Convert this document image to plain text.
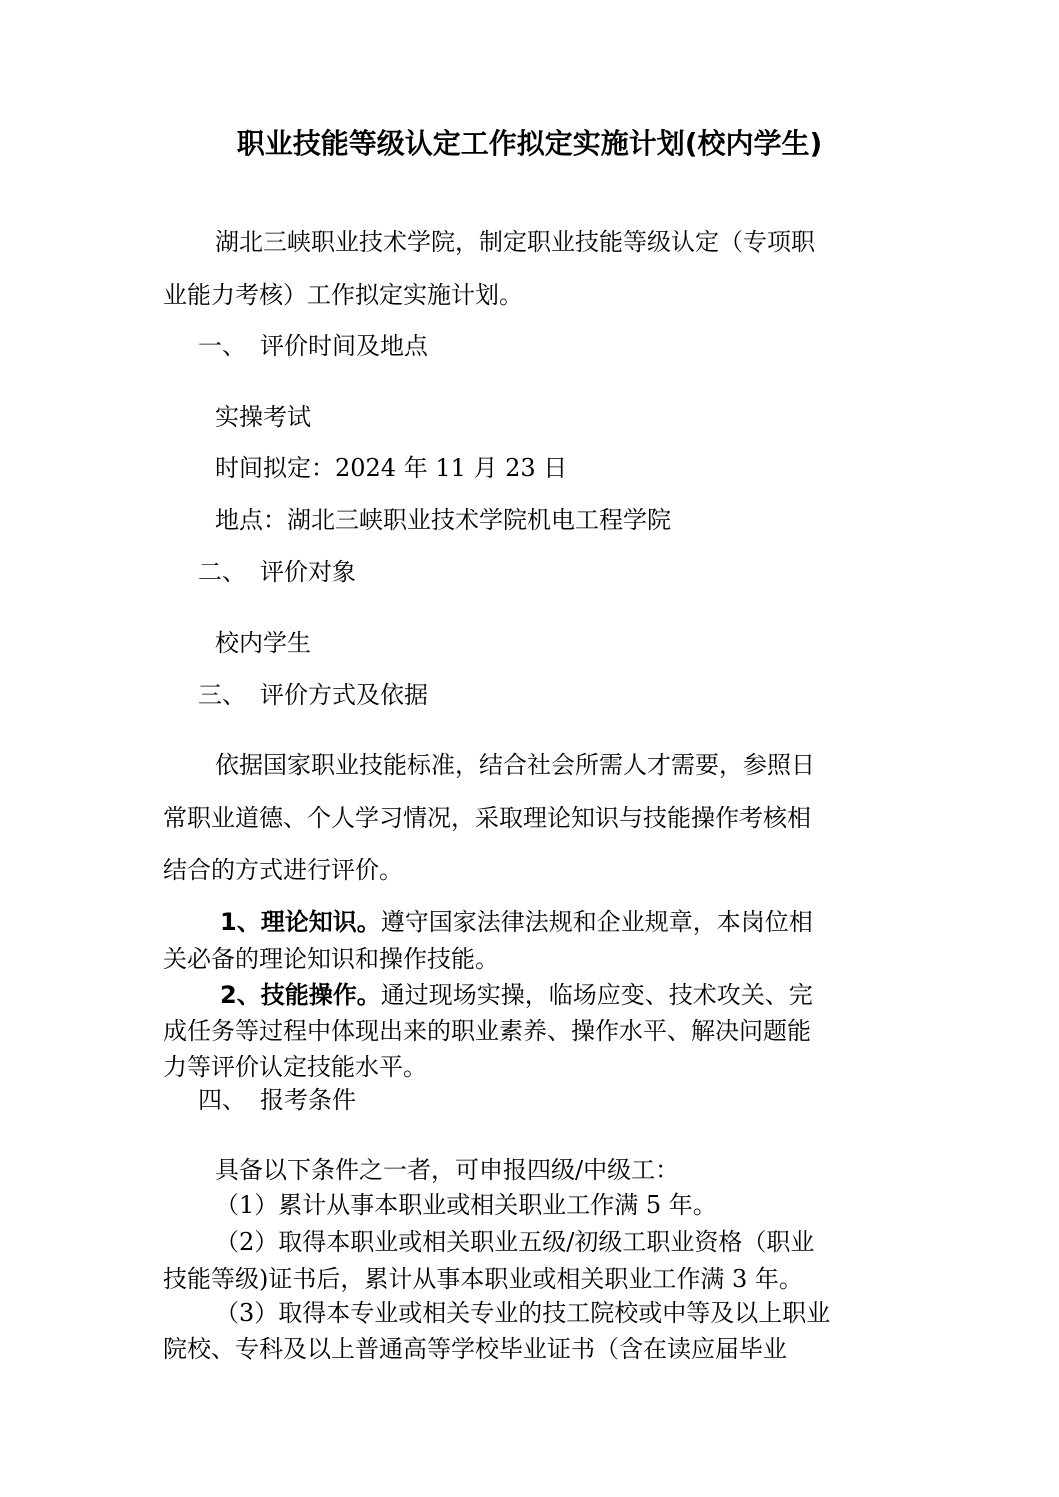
职业技能等级认定工作拟定实施计划(校内学生)
湖北三峡职业技术学院，制定职业技能等级认定（专项职
业能力考核）工作拟定实施计划。
一、 评价时间及地点
实操考试
时间拟定：2024 年 11 月 23 日
地点：湖北三峡职业技术学院机电工程学院
二、 评价对象
校内学生
三、 评价方式及依据
依据国家职业技能标准，结合社会所需人才需要，参照日
常职业道德、个人学习情况，采取理论知识与技能操作考核相
结合的方式进行评价。
1、理论知识。遵守国家法律法规和企业规章，本岗位相
关必备的理论知识和操作技能。
2、技能操作。通过现场实操，临场应变、技术攻关、完
成任务等过程中体现出来的职业素养、操作水平、解决问题能
力等评价认定技能水平。
四、 报考条件
具备以下条件之一者，可申报四级/中级工：
（1）累计从事本职业或相关职业工作满 5 年。
（2）取得本职业或相关职业五级/初级工职业资格（职业
技能等级)证书后，累计从事本职业或相关职业工作满 3 年。
（3）取得本专业或相关专业的技工院校或中等及以上职业
院校、专科及以上普通高等学校毕业证书（含在读应届毕业
